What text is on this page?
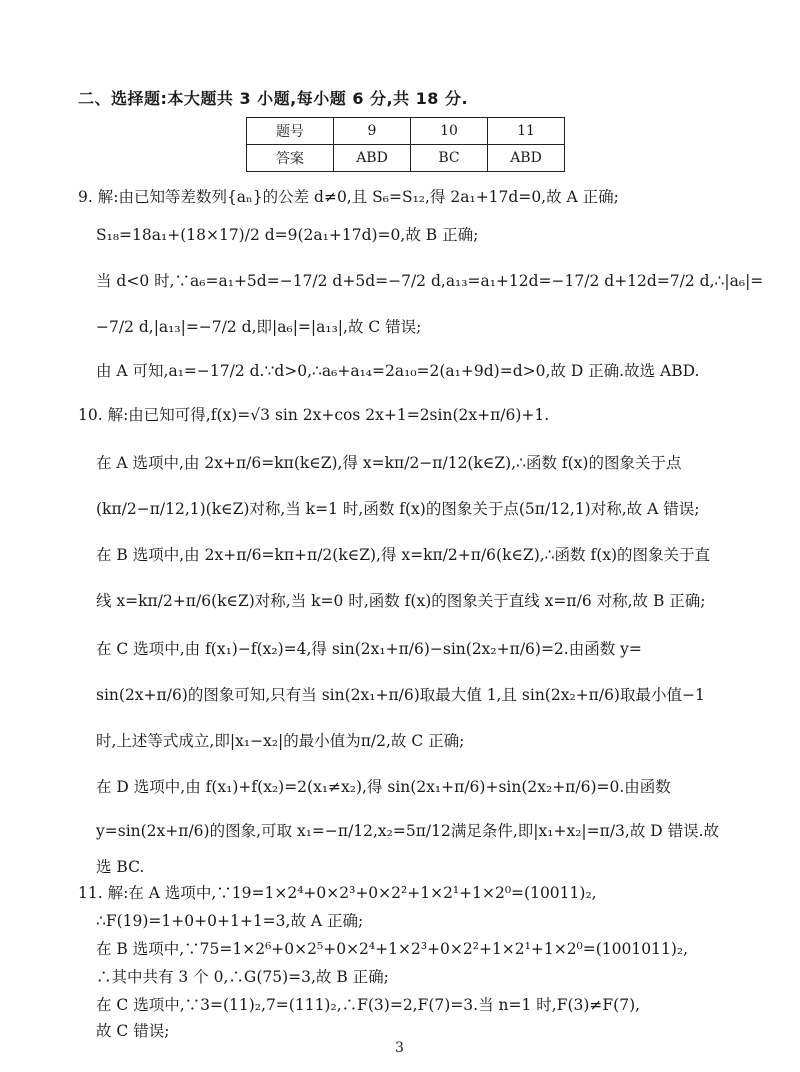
二、选择题:本大题共 3 小题,每小题 6 分,共 18 分.
题号	9	10	11
答案	ABD	BC	ABD
9. 解:由已知等差数列{aₙ}的公差 d≠0,且 S₆=S₁₂,得 2a₁+17d=0,故 A 正确;
S₁₈=18a₁+(18×17)/2 d=9(2a₁+17d)=0,故 B 正确;
当 d<0 时,∵a₆=a₁+5d=−17/2 d+5d=−7/2 d,a₁₃=a₁+12d=−17/2 d+12d=7/2 d,∴|a₆|=
−7/2 d,|a₁₃|=−7/2 d,即|a₆|=|a₁₃|,故 C 错误;
由 A 可知,a₁=−17/2 d.∵d>0,∴a₆+a₁₄=2a₁₀=2(a₁+9d)=d>0,故 D 正确.故选 ABD.
10. 解:由已知可得,f(x)=√3 sin 2x+cos 2x+1=2sin(2x+π/6)+1.
在 A 选项中,由 2x+π/6=kπ(k∈Z),得 x=kπ/2−π/12(k∈Z),∴函数 f(x)的图象关于点
(kπ/2−π/12,1)(k∈Z)对称,当 k=1 时,函数 f(x)的图象关于点(5π/12,1)对称,故 A 错误;
在 B 选项中,由 2x+π/6=kπ+π/2(k∈Z),得 x=kπ/2+π/6(k∈Z),∴函数 f(x)的图象关于直
线 x=kπ/2+π/6(k∈Z)对称,当 k=0 时,函数 f(x)的图象关于直线 x=π/6 对称,故 B 正确;
在 C 选项中,由 f(x₁)−f(x₂)=4,得 sin(2x₁+π/6)−sin(2x₂+π/6)=2.由函数 y=
sin(2x+π/6)的图象可知,只有当 sin(2x₁+π/6)取最大值 1,且 sin(2x₂+π/6)取最小值−1
时,上述等式成立,即|x₁−x₂|的最小值为π/2,故 C 正确;
在 D 选项中,由 f(x₁)+f(x₂)=2(x₁≠x₂),得 sin(2x₁+π/6)+sin(2x₂+π/6)=0.由函数
y=sin(2x+π/6)的图象,可取 x₁=−π/12,x₂=5π/12满足条件,即|x₁+x₂|=π/3,故 D 错误.故
选 BC.
11. 解:在 A 选项中,∵19=1×2⁴+0×2³+0×2²+1×2¹+1×2⁰=(10011)₂,
∴F(19)=1+0+0+1+1=3,故 A 正确;
在 B 选项中,∵75=1×2⁶+0×2⁵+0×2⁴+1×2³+0×2²+1×2¹+1×2⁰=(1001011)₂,
∴其中共有 3 个 0,∴G(75)=3,故 B 正确;
在 C 选项中,∵3=(11)₂,7=(111)₂,∴F(3)=2,F(7)=3.当 n=1 时,F(3)≠F(7),
故 C 错误;
3
